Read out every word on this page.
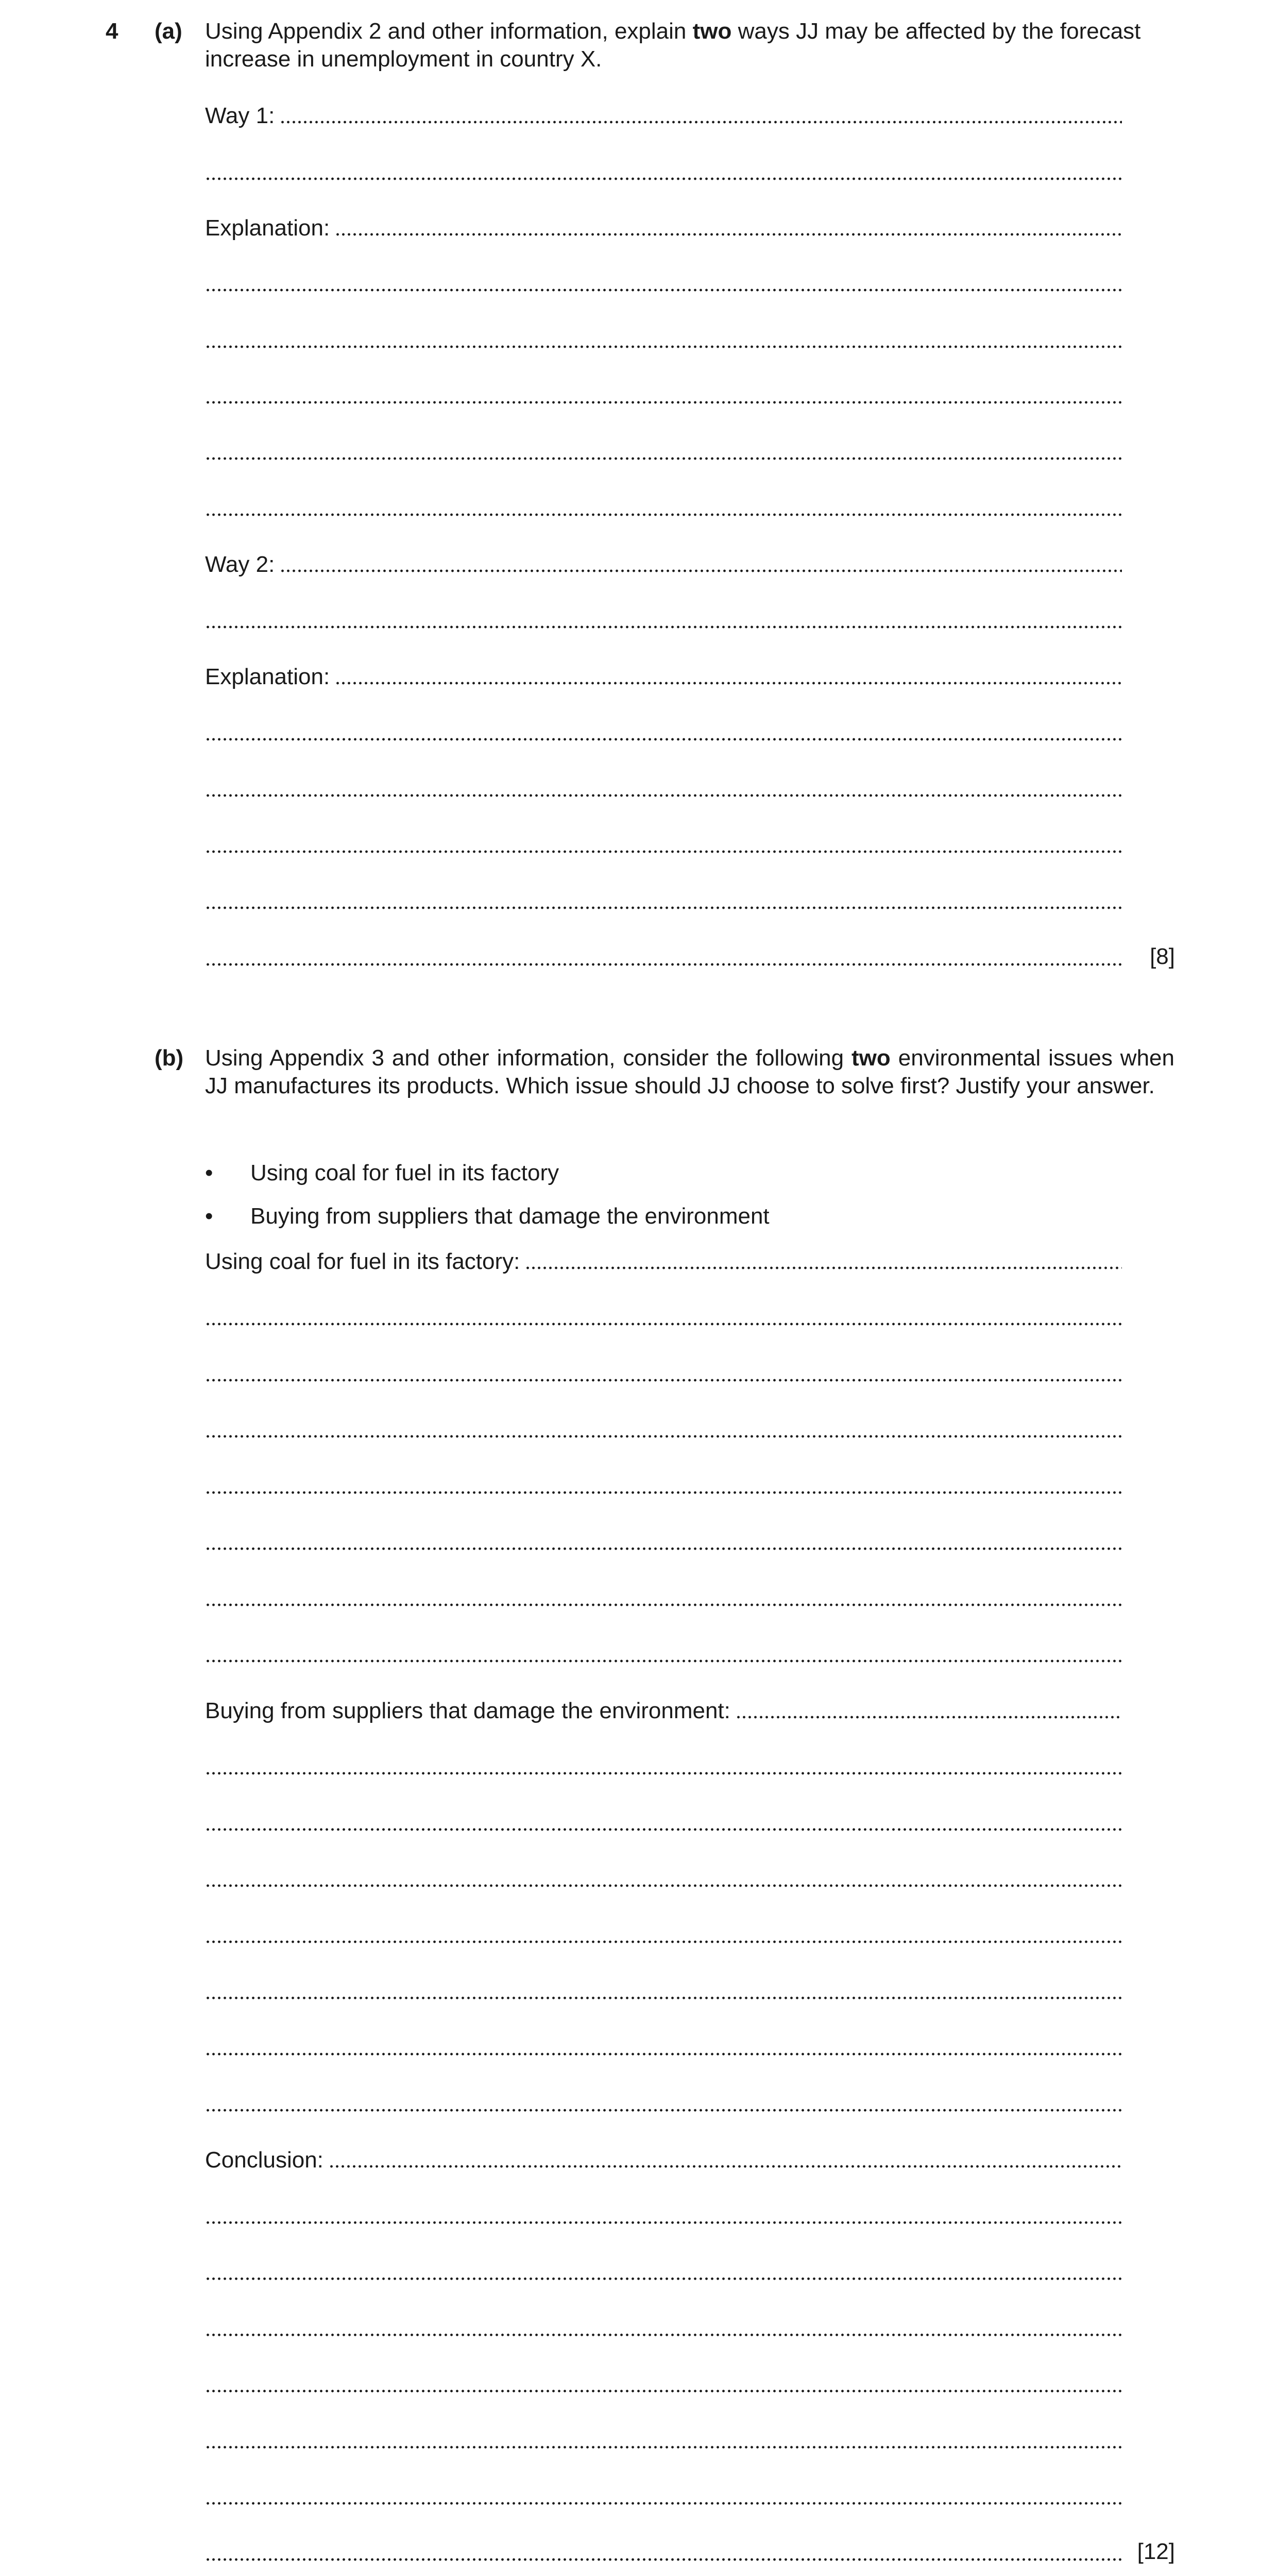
4 (a) Using Appendix 2 and other information, explain two ways JJ may be affected by the forecast increase in unemployment in country X.
Way 1:
Explanation:
Way 2:
Explanation:
[8]
(b) Using Appendix 3 and other information, consider the following two environmental issues when JJ manufactures its products. Which issue should JJ choose to solve first? Justify your answer.
• Using coal for fuel in its factory
• Buying from suppliers that damage the environment
Using coal for fuel in its factory:
Buying from suppliers that damage the environment:
Conclusion:
[12]
